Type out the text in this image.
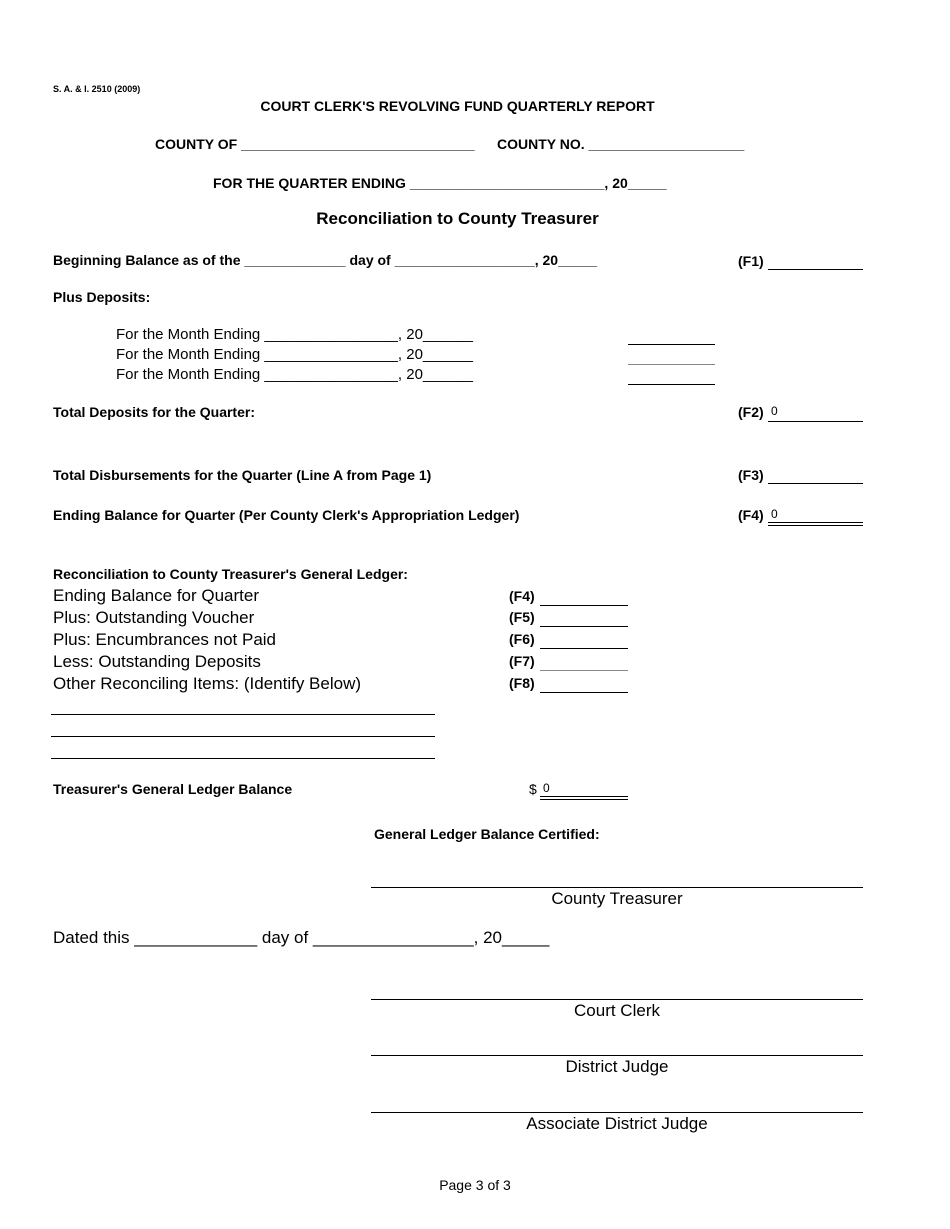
S. A. & I. 2510 (2009)
COURT CLERK'S REVOLVING FUND QUARTERLY REPORT
COUNTY OF ______________________________ COUNTY NO. ____________________
FOR THE QUARTER ENDING _________________________, 20_____
Reconciliation to County Treasurer
Beginning Balance as of the _____________ day of __________________, 20_____	(F1)
Plus Deposits:
For the Month Ending ________________, 20______
For the Month Ending ________________, 20______
For the Month Ending ________________, 20______
Total Deposits for the Quarter:	(F2) 0
Total Disbursements for the Quarter (Line A from Page 1)	(F3)
Ending Balance for Quarter (Per County Clerk's Appropriation Ledger)	(F4) 0
Reconciliation to County Treasurer's General Ledger:
Ending Balance for Quarter	(F4)
Plus: Outstanding Voucher	(F5)
Plus: Encumbrances not Paid	(F6)
Less: Outstanding Deposits	(F7)
Other Reconciling Items: (Identify Below)	(F8)
Treasurer's General Ledger Balance	$ 0
General Ledger Balance Certified:
County Treasurer
Dated this _____________ day of _________________, 20_____
Court Clerk
District Judge
Associate District Judge
Page 3 of 3
